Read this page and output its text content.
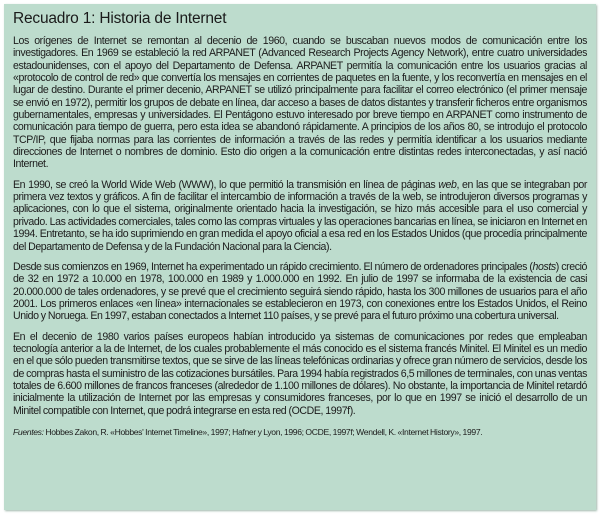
Recuadro 1: Historia de Internet

Los orígenes de Internet se remontan al decenio de 1960, cuando se buscaban nuevos modos de comunicación entre los investigadores. En 1969 se estableció la red ARPANET (Advanced Research Projects Agency Network), entre cuatro universidades estadounidenses, con el apoyo del Departamento de Defensa. ARPANET permitía la comunicación entre los usuarios gracias al «protocolo de control de red» que convertía los mensajes en corrientes de paquetes en la fuente, y los reconvertía en mensajes en el lugar de destino. Durante el primer decenio, ARPANET se utilizó principalmente para facilitar el correo electrónico (el primer mensaje se envió en 1972), permitir los grupos de debate en línea, dar acceso a bases de datos distantes y transferir ficheros entre organismos gubernamentales, empresas y universidades. El Pentágono estuvo interesado por breve tiempo en ARPANET como instrumento de comunicación para tiempo de guerra, pero esta idea se abandonó rápidamente. A principios de los años 80, se introdujo el protocolo TCP/IP, que fijaba normas para las corrientes de información a través de las redes y permitía identificar a los usuarios mediante direcciones de Internet o nombres de dominio. Esto dio origen a la comunicación entre distintas redes interconectadas, y así nació Internet.

En 1990, se creó la World Wide Web (WWW), lo que permitió la transmisión en línea de páginas web, en las que se integraban por primera vez textos y gráficos. A fin de facilitar el intercambio de información a través de la web, se introdujeron diversos programas y aplicaciones, con lo que el sistema, originalmente orientado hacia la investigación, se hizo más accesible para el uso comercial y privado. Las actividades comerciales, tales como las compras virtuales y las operaciones bancarias en línea, se iniciaron en Internet en 1994. Entretanto, se ha ido suprimiendo en gran medida el apoyo oficial a esa red en los Estados Unidos (que procedía principalmente del Departamento de Defensa y de la Fundación Nacional para la Ciencia).

Desde sus comienzos en 1969, Internet ha experimentado un rápido crecimiento. El número de ordenadores principales (hosts) creció de 32 en 1972 a 10.000 en 1978, 100.000 en 1989 y 1.000.000 en 1992. En julio de 1997 se informaba de la existencia de casi 20.000.000 de tales ordenadores, y se prevé que el crecimiento seguirá siendo rápido, hasta los 300 millones de usuarios para el año 2001. Los primeros enlaces «en línea» internacionales se establecieron en 1973, con conexiones entre los Estados Unidos, el Reino Unido y Noruega. En 1997, estaban conectados a Internet 110 países, y se prevé para el futuro próximo una cobertura universal.

En el decenio de 1980 varios países europeos habían introducido ya sistemas de comunicaciones por redes que empleaban tecnología anterior a la de Internet, de los cuales probablemente el más conocido es el sistema francés Minitel. El Minitel es un medio en el que sólo pueden transmitirse textos, que se sirve de las líneas telefónicas ordinarias y ofrece gran número de servicios, desde los de compras hasta el suministro de las cotizaciones bursátiles. Para 1994 había registrados 6,5 millones de terminales, con unas ventas totales de 6.600 millones de francos franceses (alrededor de 1.100 millones de dólares). No obstante, la importancia de Minitel retardó inicialmente la utilización de Internet por las empresas y consumidores franceses, por lo que en 1997 se inició el desarrollo de un Minitel compatible con Internet, que podrá integrarse en esta red (OCDE, 1997f).

Fuentes: Hobbes Zakon, R. «Hobbes' Internet Timeline», 1997; Hafner y Lyon, 1996; OCDE, 1997f; Wendell, K. «Internet History», 1997.
